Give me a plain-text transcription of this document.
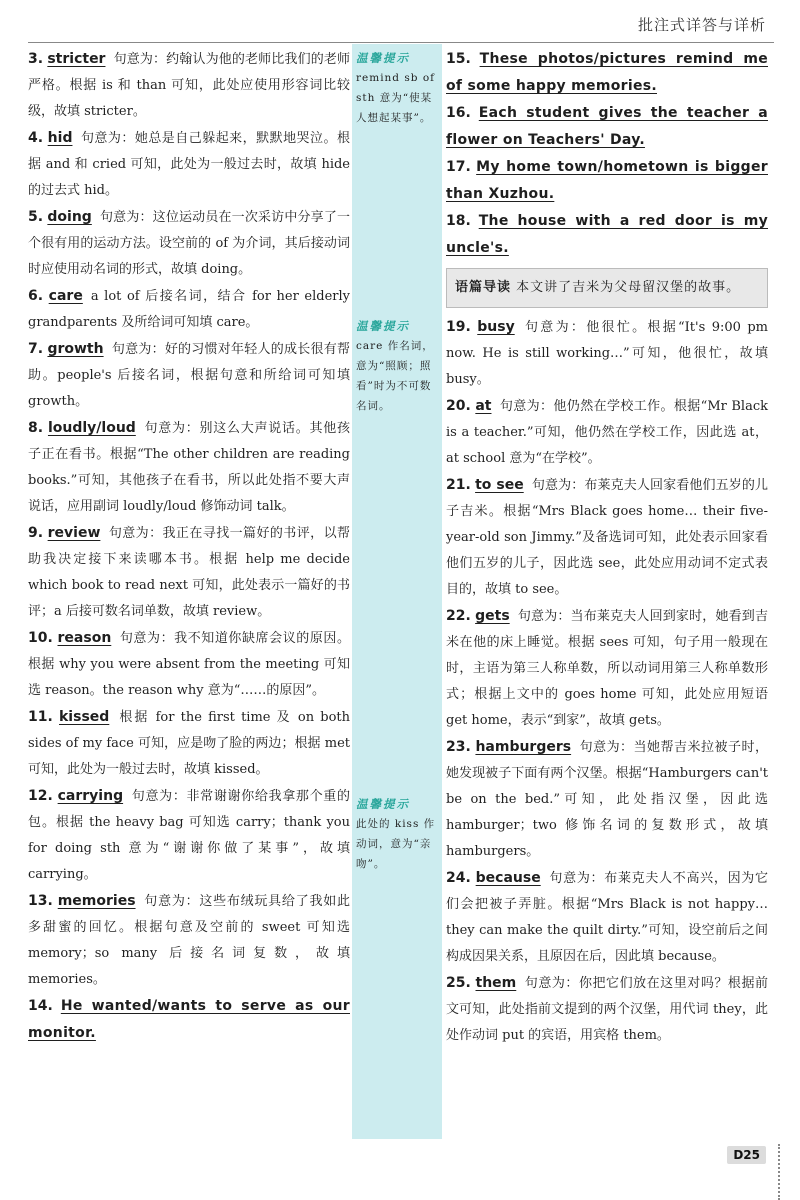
批注式详答与详析
温馨提示
remind sb of sth 意为“使某人想起某事”。
温馨提示
care 作名词，意为“照顾；照看”时为不可数名词。
温馨提示
此处的 kiss 作动词，意为“亲吻”。

3. stricter 句意为：约翰认为他的老师比我们的老师严格。根据 is 和 than 可知，此处应使用形容词比较级，故填 stricter。

4. hid 句意为：她总是自己躲起来，默默地哭泣。根据 and 和 cried 可知，此处为一般过去时，故填 hide 的过去式 hid。

5. doing 句意为：这位运动员在一次采访中分享了一个很有用的运动方法。设空前的 of 为介词，其后接动词时应使用动名词的形式，故填 doing。

6. care a lot of 后接名词，结合 for her elderly grandparents 及所给词可知填 care。

7. growth 句意为：好的习惯对年轻人的成长很有帮助。people's 后接名词，根据句意和所给词可知填 growth。

8. loudly/loud 句意为：别这么大声说话。其他孩子正在看书。根据“The other children are reading books.”可知，其他孩子在看书，所以此处指不要大声说话，应用副词 loudly/loud 修饰动词 talk。

9. review 句意为：我正在寻找一篇好的书评，以帮助我决定接下来读哪本书。根据 help me decide which book to read next 可知，此处表示一篇好的书评；a 后接可数名词单数，故填 review。

10. reason 句意为：我不知道你缺席会议的原因。根据 why you were absent from the meeting 可知选 reason。the reason why 意为“……的原因”。

11. kissed 根据 for the first time 及 on both sides of my face 可知，应是吻了脸的两边；根据 met 可知，此处为一般过去时，故填 kissed。

12. carrying 句意为：非常谢谢你给我拿那个重的包。根据 the heavy bag 可知选 carry；thank you for doing sth 意为“谢谢你做了某事”，故填 carrying。

13. memories 句意为：这些布绒玩具给了我如此多甜蜜的回忆。根据句意及空前的 sweet 可知选 memory；so many 后接名词复数，故填 memories。

14. He wanted/wants to serve as our monitor.

15. These photos/pictures remind me of some happy memories.

16. Each student gives the teacher a flower on Teachers' Day.

17. My home town/hometown is bigger than Xuzhou.

18. The house with a red door is my uncle's.

语篇导读 本文讲了吉米为父母留汉堡的故事。

19. busy 句意为：他很忙。根据“It's 9:00 pm now. He is still working…”可知，他很忙，故填 busy。

20. at 句意为：他仍然在学校工作。根据“Mr Black is a teacher.”可知，他仍然在学校工作，因此选 at，at school 意为“在学校”。

21. to see 句意为：布莱克夫人回家看他们五岁的儿子吉米。根据“Mrs Black goes home… their five-year-old son Jimmy.”及备选词可知，此处表示回家看他们五岁的儿子，因此选 see，此处应用动词不定式表目的，故填 to see。

22. gets 句意为：当布莱克夫人回到家时，她看到吉米在他的床上睡觉。根据 sees 可知，句子用一般现在时，主语为第三人称单数，所以动词用第三人称单数形式；根据上文中的 goes home 可知，此处应用短语 get home，表示“到家”，故填 gets。

23. hamburgers 句意为：当她帮吉米拉被子时，她发现被子下面有两个汉堡。根据“Hamburgers can't be on the bed.”可知，此处指汉堡，因此选 hamburger；two 修饰名词的复数形式，故填 hamburgers。

24. because 句意为：布莱克夫人不高兴，因为它们会把被子弄脏。根据“Mrs Black is not happy… they can make the quilt dirty.”可知，设空前后之间构成因果关系，且原因在后，因此填 because。

25. them 句意为：你把它们放在这里对吗？根据前文可知，此处指前文提到的两个汉堡，用代词 they，此处作动词 put 的宾语，用宾格 them。

D25
